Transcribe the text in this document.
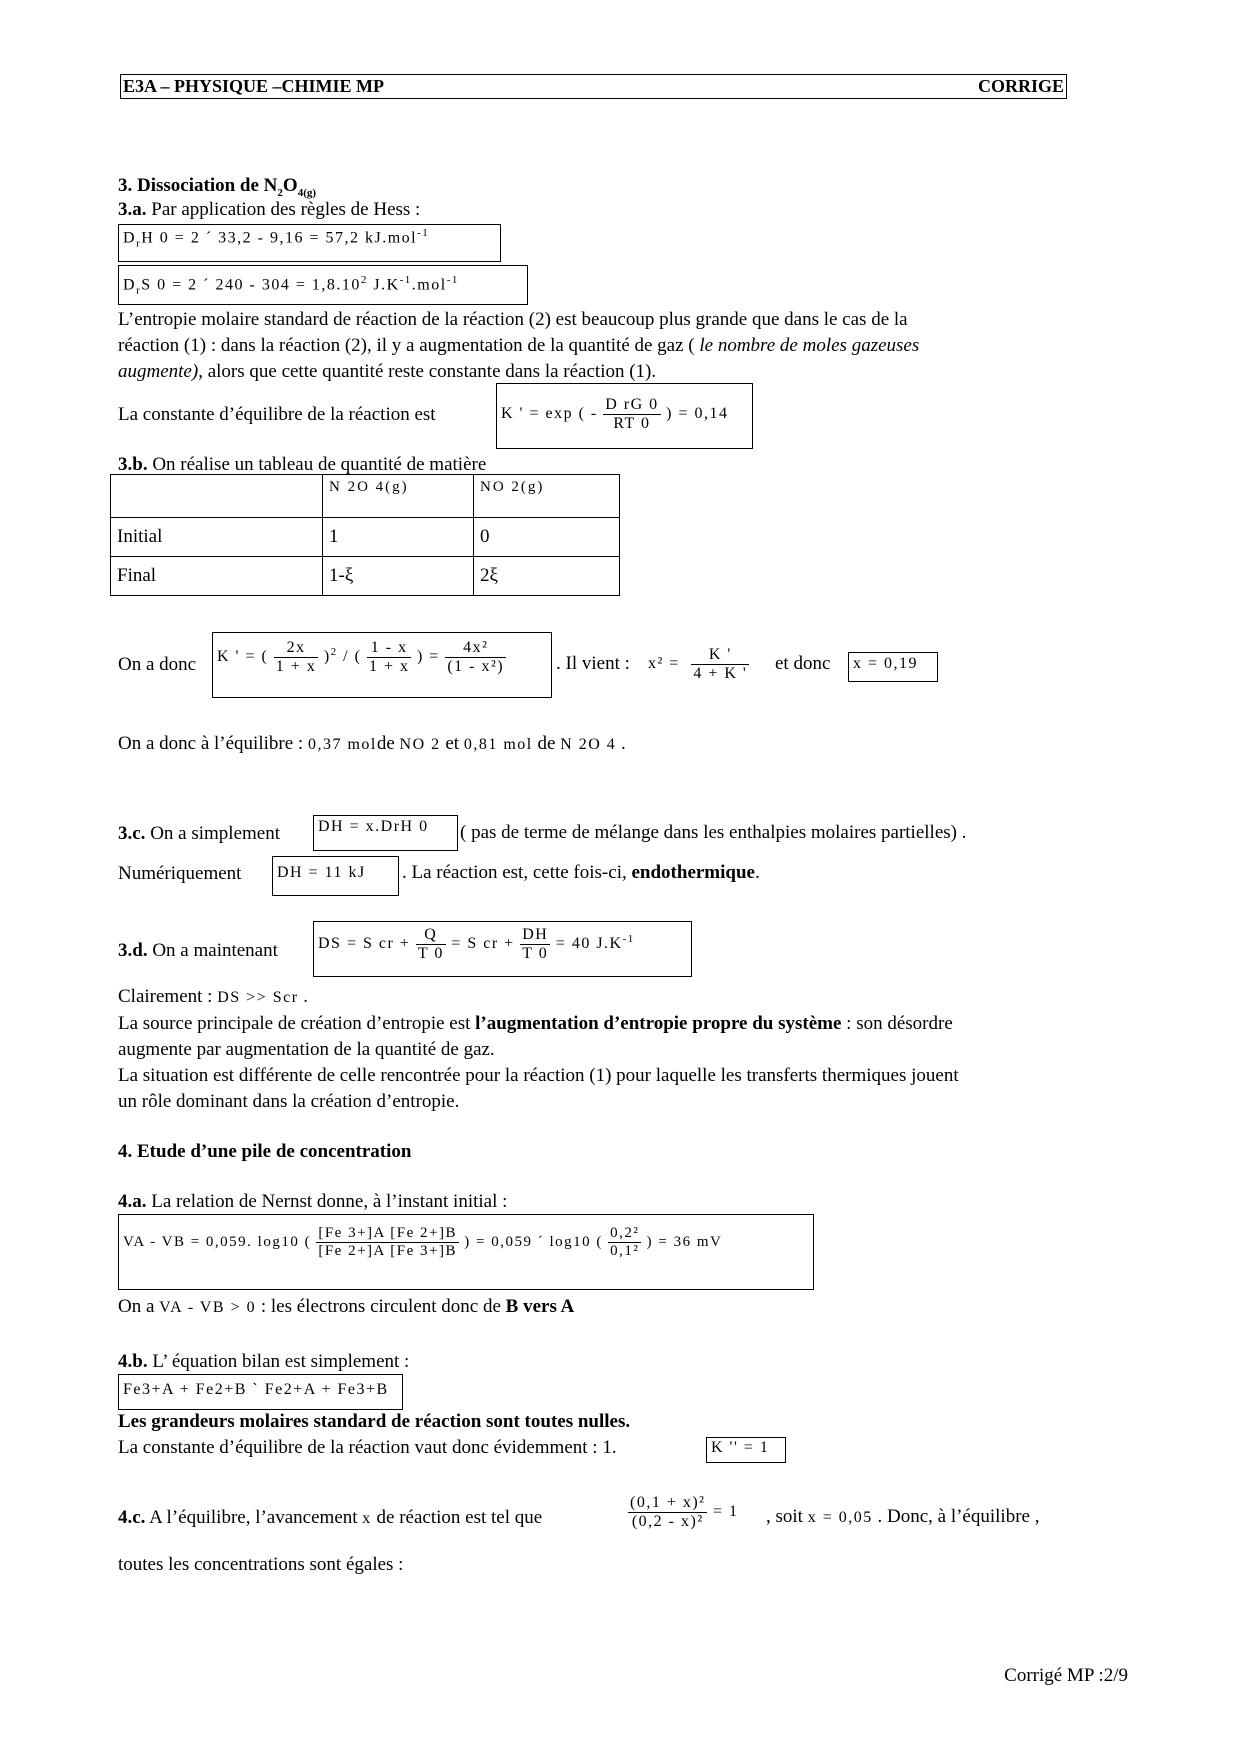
E3A – PHYSIQUE –CHIMIE MP	CORRIGE
3. Dissociation de $N_2O_{4(g)}$
3.a. Par application des règles de Hess :
$D_rH$ 0 = 2 ´ 33,2 - 9,16 = 57,2 kJ.mol$^{-1}$
$D_rS$ 0 = 2 ´ $240 - 304 = 1,8.10^2$ $J.K^{-1}.mol^{-1}$
L’entropie molaire standard de réaction de la réaction (2) est beaucoup plus grande que dans le cas de la
réaction (1) : dans la réaction (2), il y a augmentation de la quantité de gaz ( le nombre de moles gazeuses
augmente), alors que cette quantité reste constante dans la réaction (1).
La constante d’équilibre de la réaction est	K ' = exp ( - $\frac{\text{D rG 0}}{RT 0}$ ) = 0,14
3.b. On réalise un tableau de quantité de matière
	N 2O 4(g)	NO 2(g)
Initial	1	0
Final	1-ξ	2ξ
On a donc	K ' = ( $\frac{2x}{1 + x} )^2$ / ( $\frac{1 - x}{1 + x}$ ) = $\frac{\text{4x²}}{\text{(1 - x²)}}$	. Il vient : $x^2 = \frac{K '}{4 + K '}$ et donc	x = 0,19
On a donc à l’équilibre : 0,37 molde NO 2 et 0,81 mol de N 2O 4 .
3.c. On a simplement	DH = x.DrH 0	( pas de terme de mélange dans les enthalpies molaires partielles) .
Numériquement	DH = 11 kJ	. La réaction est, cette fois-ci, endothermique.
3.d. On a maintenant	DS = S cr + $\frac{Q}{T 0} = S$ cr + $\frac{DH}{T 0} = 40$ $J.K^{-1}$
Clairement : DS >> Scr .
La source principale de création d’entropie est l’augmentation d’entropie propre du système : son désordre
augmente par augmentation de la quantité de gaz.
La situation est différente de celle rencontrée pour la réaction (1) pour laquelle les transferts thermiques jouent
un rôle dominant dans la création d’entropie.
4. Etude d’une pile de concentration
4.a. La relation de Nernst donne, à l’instant initial :
VA - VB = 0,059. log10 ( $\frac{[Fe 3+]A [Fe 2+]B}{[Fe 2+]A [Fe 3+]B}$ ) = 0,059 ´ log10 ( $\frac{\text{0,2²}}{\text{0,1²}}$ ) = 36 mV
On a VA - VB > 0 : les électrons circulent donc de B vers A
4.b. L’ équation bilan est simplement :
Fe3+A + Fe2+B ` Fe2+A + Fe3+B
Les grandeurs molaires standard de réaction sont toutes nulles.
La constante d’équilibre de la réaction vaut donc évidemment : 1.	K '' = 1
4.c. A l’équilibre, l’avancement x de réaction est tel que	$\frac{\text{(0,1 + x)²}}{\text{(0,2 - x)²}} = 1$ , soit x = 0,05 . Donc, à l’équilibre ,
toutes les concentrations sont égales :
Corrigé MP :2/9
